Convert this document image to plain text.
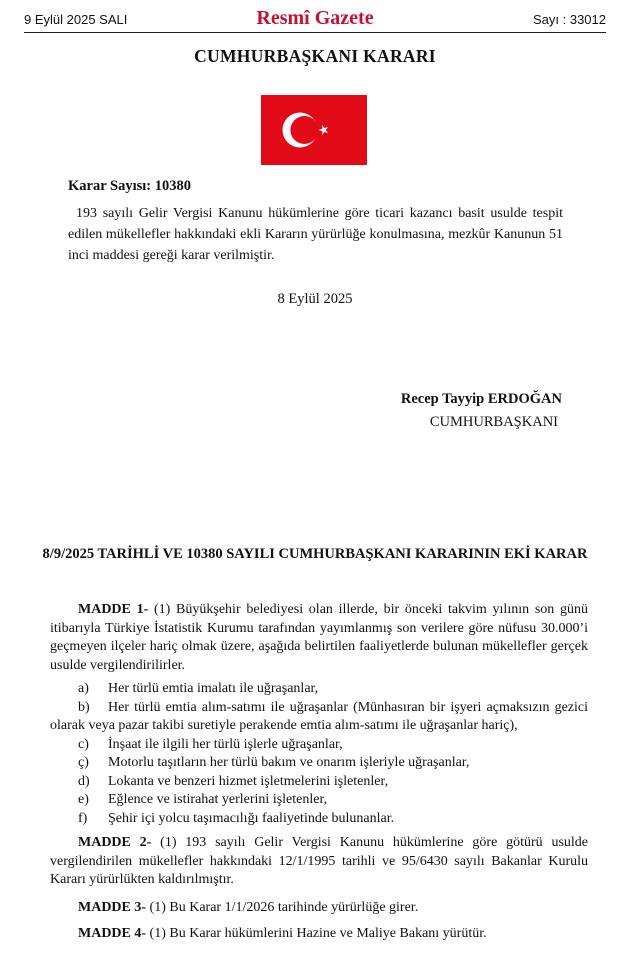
9 Eylül 2025 SALI	Resmî Gazete	Sayı : 33012
CUMHURBAŞKANI KARARI
Karar Sayısı: 10380
193 sayılı Gelir Vergisi Kanunu hükümlerine göre ticari kazancı basit usulde tespit edilen mükellefler hakkındaki ekli Kararın yürürlüğe konulmasına, mezkûr Kanunun 51 inci maddesi gereği karar verilmiştir.
8 Eylül 2025
Recep Tayyip ERDOĞAN
CUMHURBAŞKANI
8/9/2025 TARİHLİ VE 10380 SAYILI CUMHURBAŞKANI KARARININ EKİ KARAR
MADDE 1- (1) Büyükşehir belediyesi olan illerde, bir önceki takvim yılının son günü itibarıyla Türkiye İstatistik Kurumu tarafından yayımlanmış son verilere göre nüfusu 30.000’i geçmeyen ilçeler hariç olmak üzere, aşağıda belirtilen faaliyetlerde bulunan mükellefler gerçek usulde vergilendirilirler.
a) Her türlü emtia imalatı ile uğraşanlar,
b) Her türlü emtia alım-satımı ile uğraşanlar (Münhasıran bir işyeri açmaksızın gezici olarak veya pazar takibi suretiyle perakende emtia alım-satımı ile uğraşanlar hariç),
c) İnşaat ile ilgili her türlü işlerle uğraşanlar,
ç) Motorlu taşıtların her türlü bakım ve onarım işleriyle uğraşanlar,
d) Lokanta ve benzeri hizmet işletmelerini işletenler,
e) Eğlence ve istirahat yerlerini işletenler,
f) Şehir içi yolcu taşımacılığı faaliyetinde bulunanlar.
MADDE 2- (1) 193 sayılı Gelir Vergisi Kanunu hükümlerine göre götürü usulde vergilendirilen mükellefler hakkındaki 12/1/1995 tarihli ve 95/6430 sayılı Bakanlar Kurulu Kararı yürürlükten kaldırılmıştır.
MADDE 3- (1) Bu Karar 1/1/2026 tarihinde yürürlüğe girer.
MADDE 4- (1) Bu Karar hükümlerini Hazine ve Maliye Bakanı yürütür.
